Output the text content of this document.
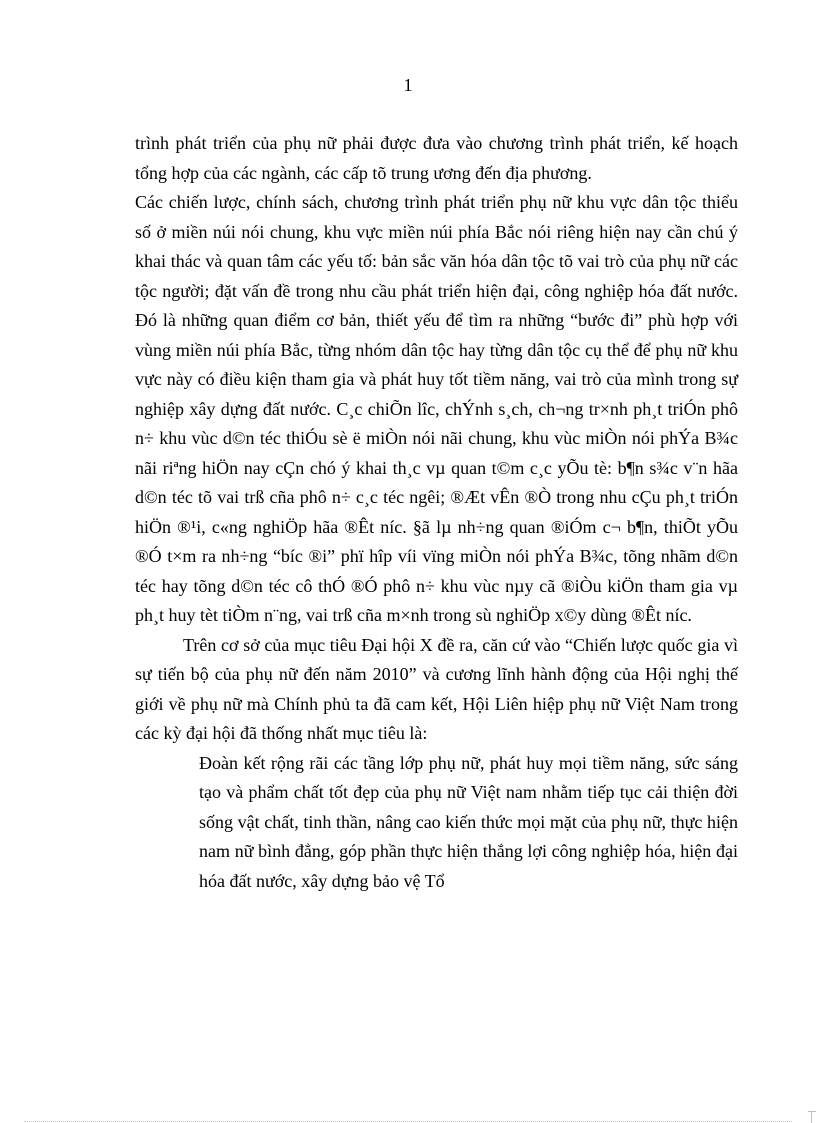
1

trình phát triển của phụ nữ phải được đưa vào chương trình phát triển, kế hoạch tổng hợp của các ngành, các cấp tõ trung ương đến địa phương.

Các chiến lược, chính sách, chương trình phát triển phụ nữ khu vực dân tộc thiểu số ở miền núi nói chung, khu vực miền núi phía Bắc nói riêng hiện nay cần chú ý khai thác và quan tâm các yếu tố: bản sắc văn hóa dân tộc tõ vai trò của phụ nữ các tộc người; đặt vấn đề trong nhu cầu phát triển hiện đại, công nghiệp hóa đất nước. Đó là những quan điểm cơ bản, thiết yếu để tìm ra những “bước đi” phù hợp với vùng miền núi phía Bắc, từng nhóm dân tộc hay từng dân tộc cụ thể để phụ nữ khu vực này có điều kiện tham gia và phát huy tốt tiềm năng, vai trò của mình trong sự nghiệp xây dựng đất nước. C¸c chiÕn lîc, chÝnh s¸ch, ch¬ng tr×nh ph¸t triÓn phô n÷ khu vùc d©n téc thiÓu sè ë miÒn nói nãi chung, khu vùc miÒn nói phÝa B¾c nãi riªng hiÖn nay cÇn chó ý khai th¸c vµ quan t©m c¸c yÕu tè: b¶n s¾c v¨n hãa d©n téc tõ vai trß cña phô n÷ c¸c téc ngêi; ®Æt vÊn ®Ò trong nhu cÇu ph¸t triÓn hiÖn ®¹i, c«ng nghiÖp hãa ®Êt níc. §ã lµ nh÷ng quan ®iÓm c¬ b¶n, thiÕt yÕu ®Ó t×m ra nh÷ng “bíc ®i” phï hîp víi vïng miÒn nói phÝa B¾c, tõng nhãm d©n téc hay tõng d©n téc cô thÓ ®Ó phô n÷ khu vùc nµy cã ®iÒu kiÖn tham gia vµ ph¸t huy tèt tiÒm n¨ng, vai trß cña m×nh trong sù nghiÖp x©y dùng ®Êt níc.

Trên cơ sở của mục tiêu Đại hội X đề ra, căn cứ vào “Chiến lược quốc gia vì sự tiến bộ của phụ nữ đến năm 2010” và cương lĩnh hành động của Hội nghị thế giới về phụ nữ mà Chính phủ ta đã cam kết, Hội Liên hiệp phụ nữ Việt Nam trong các kỳ đại hội đã thống nhất mục tiêu là:

Đoàn kết rộng rãi các tầng lớp phụ nữ, phát huy mọi tiềm năng, sức sáng tạo và phẩm chất tốt đẹp của phụ nữ Việt nam nhằm tiếp tục cải thiện đời sống vật chất, tinh thần, nâng cao kiến thức mọi mặt của phụ nữ, thực hiện nam nữ bình đẳng, góp phần thực hiện thắng lợi công nghiệp hóa, hiện đại hóa đất nước, xây dựng bảo vệ Tổ
